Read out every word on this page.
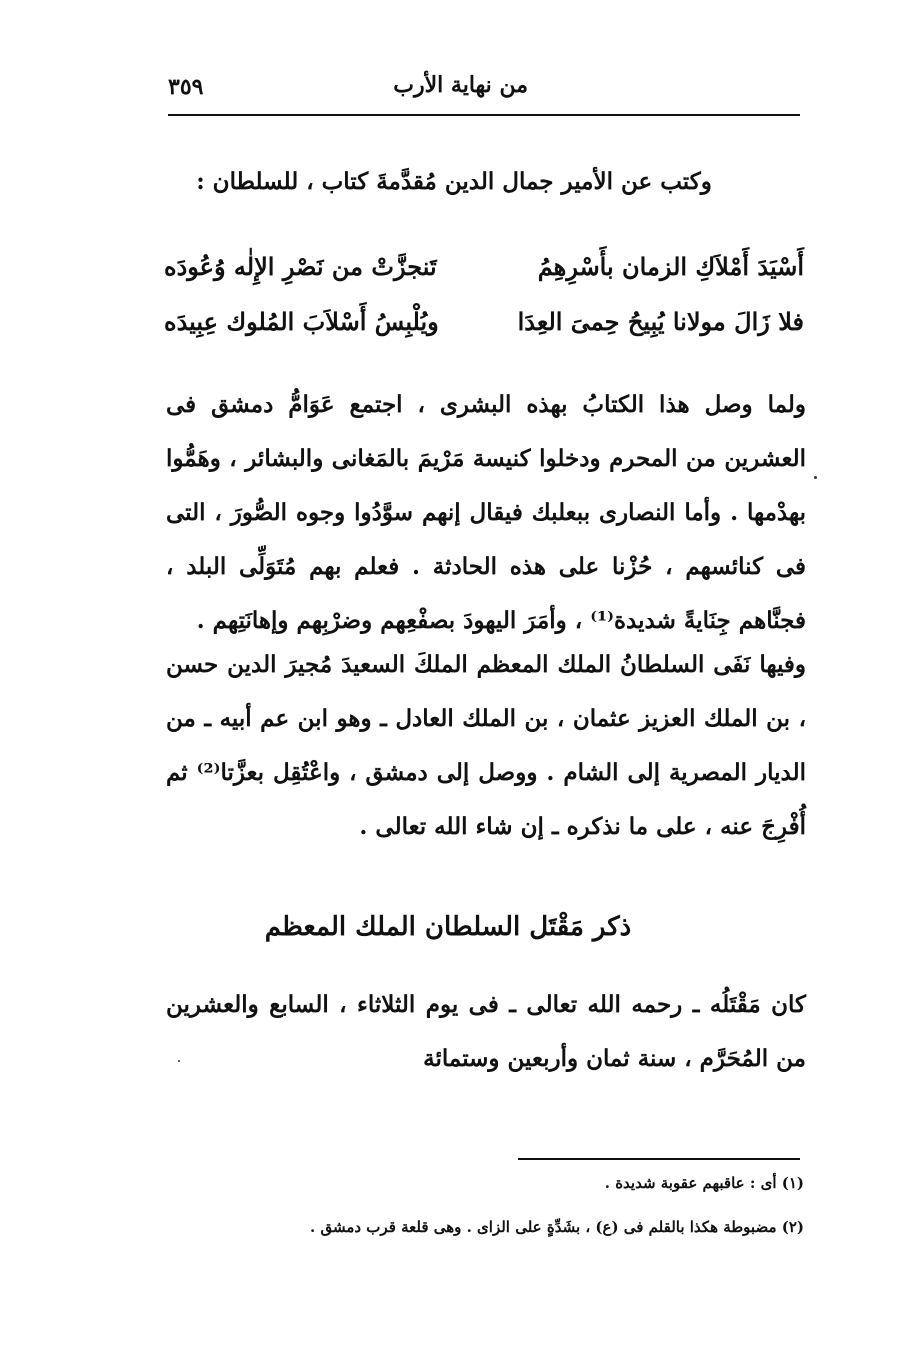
٣٥٩	من نهاية الأرب
وكتب عن الأمير جمال الدين مُقدَّمةَ كتاب ، للسلطان :
أَسْيَدَ أَمْلاَكِ الزمان بأَسْرِهِمُ
تَنجزَّتْ من نَصْرِ الإِلٰه وُعُودَه
فلا زَالَ مولانا يُبِيحُ حِمىَ العِدَا
ويُلْبِسُ أَسْلاَبَ المُلوك عِبِيدَه
ولما وصل هذا الكتابُ بهذه البشرى ، اجتمع عَوَامُّ دمشق فى العشرين من المحرم ودخلوا كنيسة مَرْيمَ بالمَغانى والبشائر ، وهَمُّوا بهدْمها . وأما النصارى ببعلبك فيقال إنهم سوَّدُوا وجوه الصُّورَ ، التى فى كنائسهم ، حُزْنا على هذه الحادثة . فعلم بهم مُتَوَلِّى البلد ، فجنَّاهم جِنَايةً شديدة⁽¹⁾ ، وأمَرَ اليهودَ بصفْعِهم وضرْبِهم وإهانَتِهم .
وفيها نَفَى السلطانُ الملك المعظم الملكَ السعيدَ مُجيرَ الدين حسن ، بن الملك العزيز عثمان ، بن الملك العادل ـ وهو ابن عم أبيه ـ من الديار المصرية إلى الشام . ووصل إلى دمشق ، واعْتُقِل بعزَّتا⁽²⁾ ثم أُفْرِجَ عنه ، على ما نذكره ـ إن شاء الله تعالى .
ذكر مَقْتَل السلطان الملك المعظم
كان مَقْتَلُه ـ رحمه الله تعالى ـ فى يوم الثلاثاء ، السابع والعشرين من المُحَرَّم ، سنة ثمان وأربعين وستمائة
(١) أى : عاقبهم عقوبة شديدة .
(٢) مضبوطة هكذا بالقلم فى (ع) ، بشَدِّةٍ على الزاى . وهى قلعة قرب دمشق .
